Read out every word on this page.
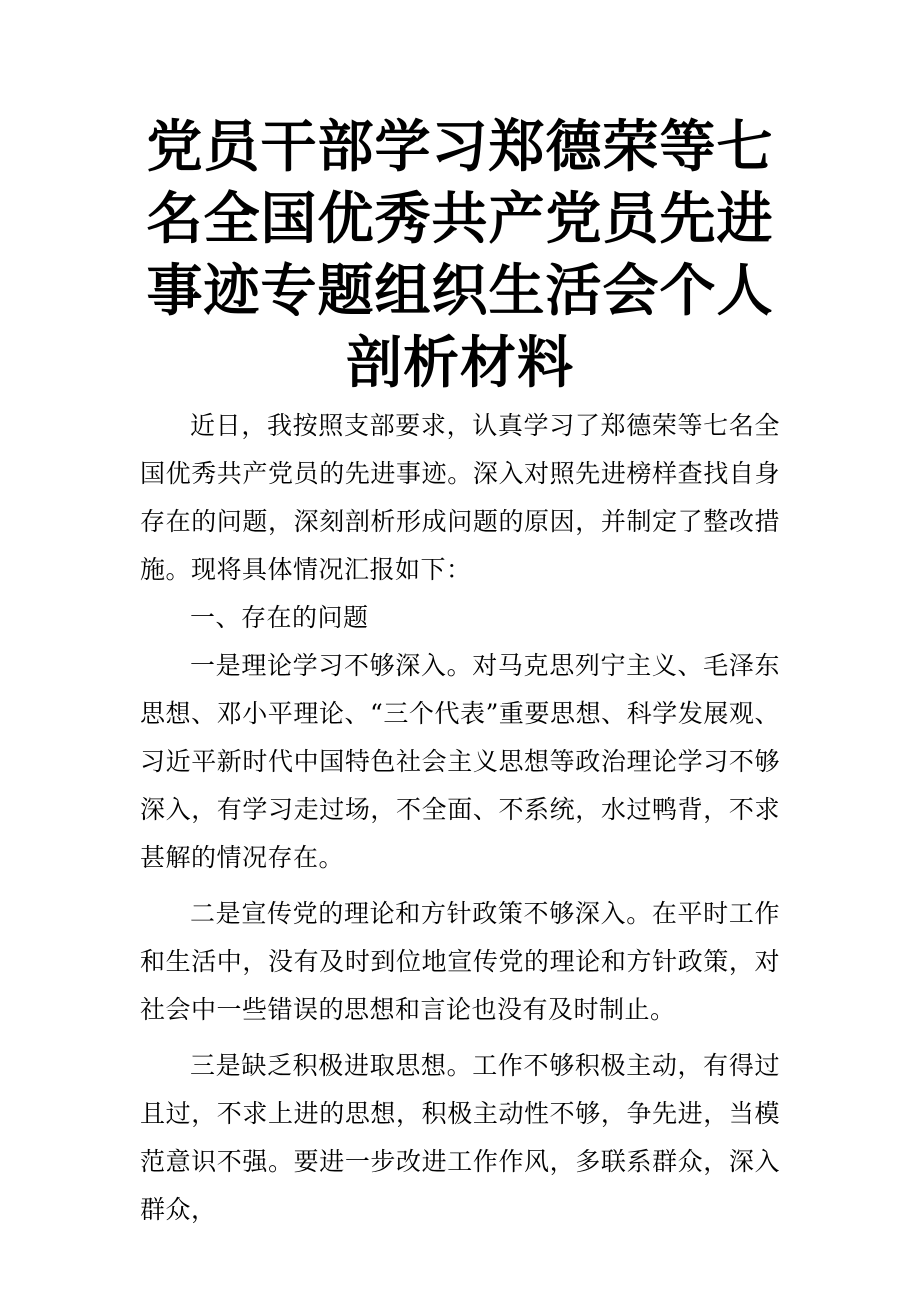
党员干部学习郑德荣等七
名全国优秀共产党员先进
事迹专题组织生活会个人
剖析材料

近日，我按照支部要求，认真学习了郑德荣等七名全国优秀共产党员的先进事迹。深入对照先进榜样查找自身存在的问题，深刻剖析形成问题的原因，并制定了整改措施。现将具体情况汇报如下：

一、存在的问题

一是理论学习不够深入。对马克思列宁主义、毛泽东思想、邓小平理论、“三个代表”重要思想、科学发展观、习近平新时代中国特色社会主义思想等政治理论学习不够深入，有学习走过场，不全面、不系统，水过鸭背，不求甚解的情况存在。

二是宣传党的理论和方针政策不够深入。在平时工作和生活中，没有及时到位地宣传党的理论和方针政策，对社会中一些错误的思想和言论也没有及时制止。

三是缺乏积极进取思想。工作不够积极主动，有得过且过，不求上进的思想，积极主动性不够，争先进，当模范意识不强。要进一步改进工作作风，多联系群众，深入群众，
